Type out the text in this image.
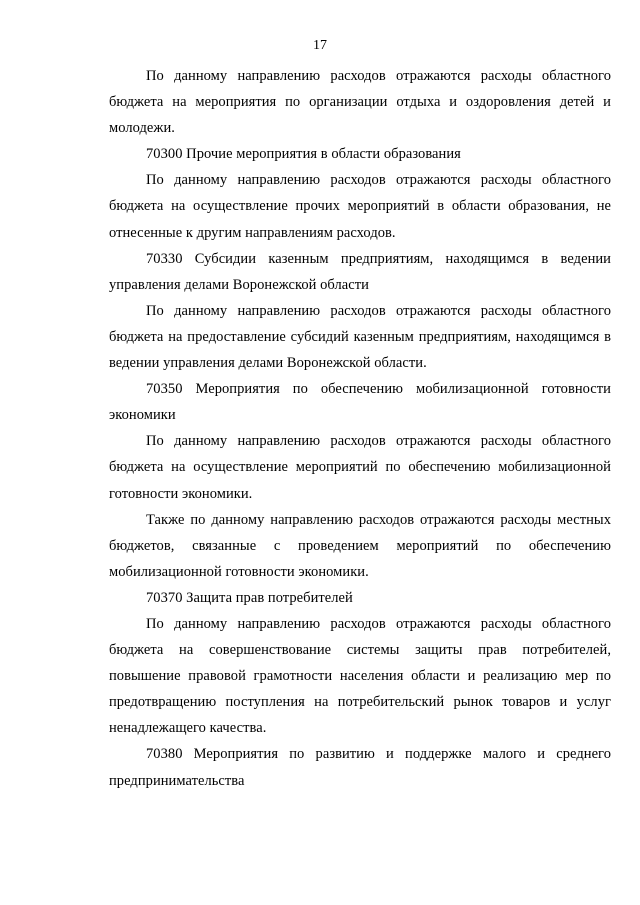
17

По данному направлению расходов отражаются расходы областного бюджета на мероприятия по организации отдыха и оздоровления детей и молодежи.

70300 Прочие мероприятия в области образования

По данному направлению расходов отражаются расходы областного бюджета на осуществление прочих мероприятий в области образования, не отнесенные к другим направлениям расходов.

70330 Субсидии казенным предприятиям, находящимся в ведении управления делами Воронежской области

По данному направлению расходов отражаются расходы областного бюджета на предоставление субсидий казенным предприятиям, находящимся в ведении управления делами Воронежской области.

70350 Мероприятия по обеспечению мобилизационной готовности экономики

По данному направлению расходов отражаются расходы областного бюджета на осуществление мероприятий по обеспечению мобилизационной готовности экономики.

Также по данному направлению расходов отражаются расходы местных бюджетов, связанные с проведением мероприятий по обеспечению мобилизационной готовности экономики.

70370 Защита прав потребителей

По данному направлению расходов отражаются расходы областного бюджета на совершенствование системы защиты прав потребителей, повышение правовой грамотности населения области и реализацию мер по предотвращению поступления на потребительский рынок товаров и услуг ненадлежащего качества.

70380 Мероприятия по развитию и поддержке малого и среднего предпринимательства
